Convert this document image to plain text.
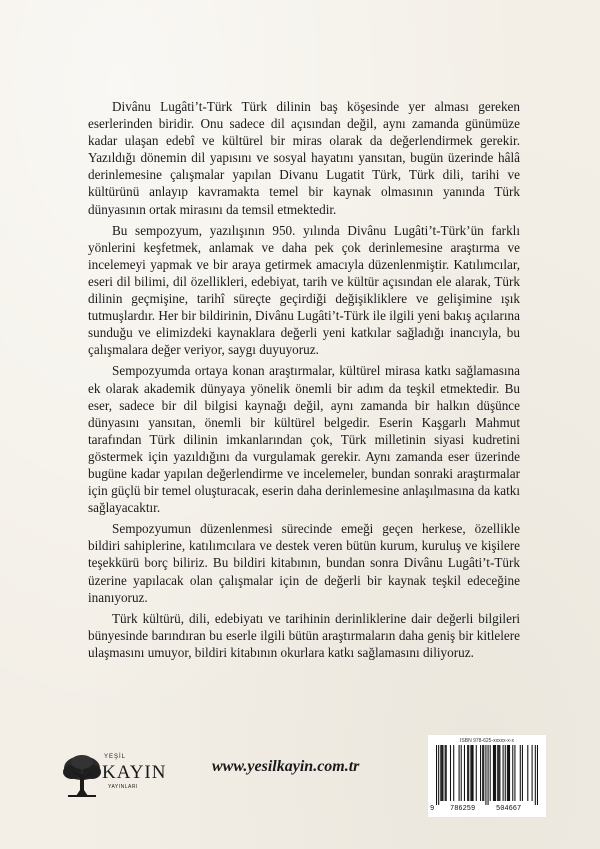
Divânu Lugâti’t-Türk Türk dilinin baş köşesinde yer alması gereken eserlerinden biridir. Onu sadece dil açısından değil, aynı zamanda günümüze kadar ulaşan edebî ve kültürel bir miras olarak da değerlendirmek gerekir. Yazıldığı dönemin dil yapısını ve sosyal hayatını yansıtan, bugün üzerinde hâlâ derinlemesine çalışmalar yapılan Divanu Lugatit Türk, Türk dili, tarihi ve kültürünü anlayıp kavramakta temel bir kaynak olmasının yanında Türk dünyasının ortak mirasını da temsil etmektedir.

Bu sempozyum, yazılışının 950. yılında Divânu Lugâti’t-Türk’ün farklı yönlerini keşfetmek, anlamak ve daha pek çok derinlemesine araştırma ve incelemeyi yapmak ve bir araya getirmek amacıyla düzenlenmiştir. Katılımcılar, eseri dil bilimi, dil özellikleri, edebiyat, tarih ve kültür açısından ele alarak, Türk dilinin geçmişine, tarihî süreçte geçirdiği değişikliklere ve gelişimine ışık tutmuşlardır. Her bir bildirinin, Divânu Lugâti’t-Türk ile ilgili yeni bakış açılarına sunduğu ve elimizdeki kaynaklara değerli yeni katkılar sağladığı inancıyla, bu çalışmalara değer veriyor, saygı duyuyoruz.

Sempozyumda ortaya konan araştırmalar, kültürel mirasa katkı sağlamasına ek olarak akademik dünyaya yönelik önemli bir adım da teşkil etmektedir. Bu eser, sadece bir dil bilgisi kaynağı değil, aynı zamanda bir halkın düşünce dünyasını yansıtan, önemli bir kültürel belgedir. Eserin Kaşgarlı Mahmut tarafından Türk dilinin imkanlarından çok, Türk milletinin siyasi kudretini göstermek için yazıldığını da vurgulamak gerekir. Aynı zamanda eser üzerinde bugüne kadar yapılan değerlendirme ve incelemeler, bundan sonraki araştırmalar için güçlü bir temel oluşturacak, eserin daha derinlemesine anlaşılmasına da katkı sağlayacaktır.

Sempozyumun düzenlenmesi sürecinde emeği geçen herkese, özellikle bildiri sahiplerine, katılımcılara ve destek veren bütün kurum, kuruluş ve kişilere teşekkürü borç biliriz. Bu bildiri kitabının, bundan sonra Divânu Lugâti’t-Türk üzerine yapılacak olan çalışmalar için de değerli bir kaynak teşkil edeceğine inanıyoruz.

Türk kültürü, dili, edebiyatı ve tarihinin derinliklerine dair değerli bilgileri bünyesinde barındıran bu eserle ilgili bütün araştırmaların daha geniş bir kitlelere ulaşmasını umuyor, bildiri kitabının okurlara katkı sağlamasını diliyoruz.

YEŞİL
KAYIN
YAYINLARI
www.yesilkayin.com.tr
ISBN 978-625-xxxxx-x-x
9 786259	504667
